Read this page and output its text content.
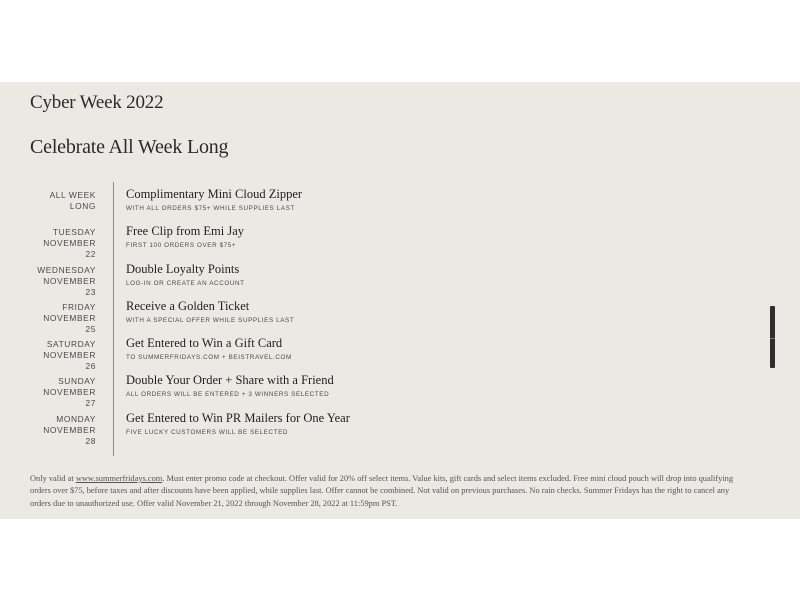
Cyber Week 2022
Celebrate All Week Long
ALL WEEK
LONG
Complimentary Mini Cloud Zipper
WITH ALL ORDERS $75+ WHILE SUPPLIES LAST
TUESDAY
NOVEMBER 22
Free Clip from Emi Jay
FIRST 100 ORDERS OVER $75+
WEDNESDAY
NOVEMBER 23
Double Loyalty Points
LOG-IN OR CREATE AN ACCOUNT
FRIDAY
NOVEMBER 25
Receive a Golden Ticket
WITH A SPECIAL OFFER WHILE SUPPLIES LAST
SATURDAY
NOVEMBER 26
Get Entered to Win a Gift Card
TO SUMMERFRIDAYS.COM + BEISTRAVEL.COM
SUNDAY
NOVEMBER 27
Double Your Order + Share with a Friend
ALL ORDERS WILL BE ENTERED + 3 WINNERS SELECTED
MONDAY
NOVEMBER 28
Get Entered to Win PR Mailers for One Year
FIVE LUCKY CUSTOMERS WILL BE SELECTED

Only valid at www.summerfridays.com. Must enter promo code at checkout. Offer valid for 20% off select items. Value kits, gift cards and select items excluded. Free mini cloud pouch will drop into qualifying orders over $75, before taxes and after discounts have been applied, while supplies last. Offer cannot be combined. Not valid on previous purchases. No rain checks. Summer Fridays has the right to cancel any orders due to unauthorized use. Offer valid November 21, 2022 through November 28, 2022 at 11:59pm PST.
